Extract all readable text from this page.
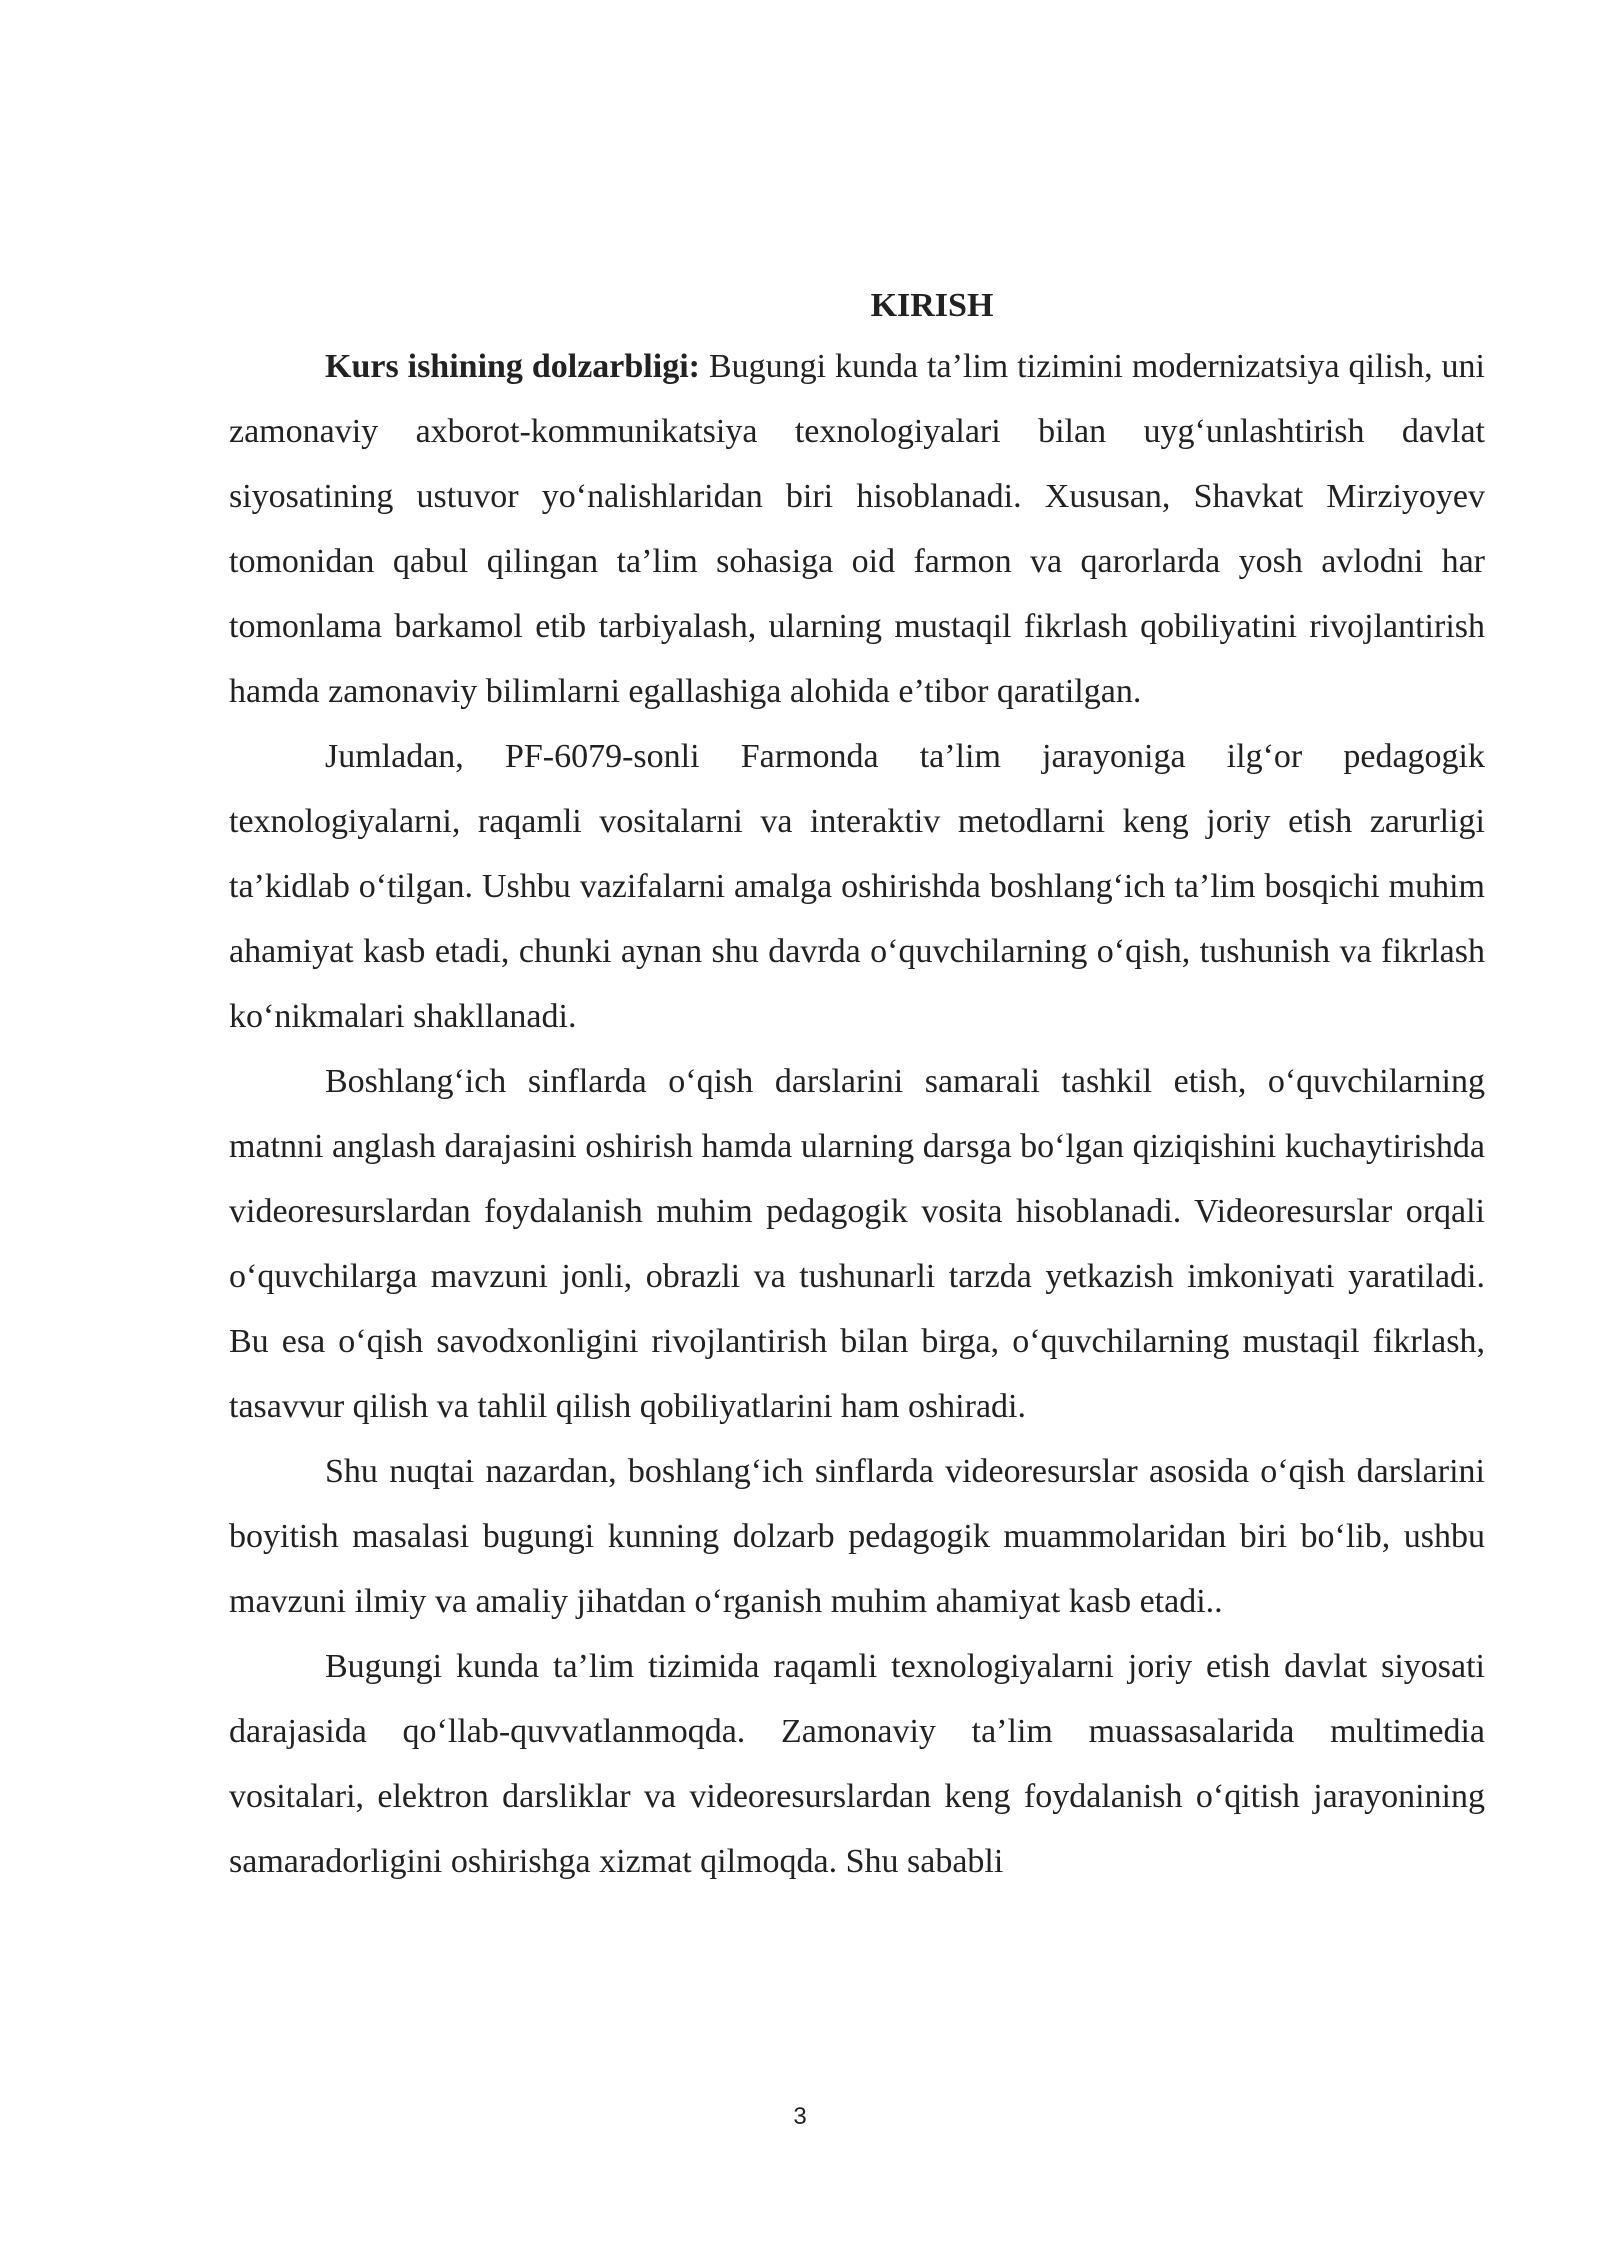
KIRISH

Kurs ishining dolzarbligi: Bugungi kunda ta’lim tizimini modernizatsiya qilish, uni zamonaviy axborot-kommunikatsiya texnologiyalari bilan uyg‘unlashtirish davlat siyosatining ustuvor yo‘nalishlaridan biri hisoblanadi. Xususan, Shavkat Mirziyoyev tomonidan qabul qilingan ta’lim sohasiga oid farmon va qarorlarda yosh avlodni har tomonlama barkamol etib tarbiyalash, ularning mustaqil fikrlash qobiliyatini rivojlantirish hamda zamonaviy bilimlarni egallashiga alohida e’tibor qaratilgan.

Jumladan, PF-6079-sonli Farmonda ta’lim jarayoniga ilg‘or pedagogik texnologiyalarni, raqamli vositalarni va interaktiv metodlarni keng joriy etish zarurligi ta’kidlab o‘tilgan. Ushbu vazifalarni amalga oshirishda boshlang‘ich ta’lim bosqichi muhim ahamiyat kasb etadi, chunki aynan shu davrda o‘quvchilarning o‘qish, tushunish va fikrlash ko‘nikmalari shakllanadi.

Boshlang‘ich sinflarda o‘qish darslarini samarali tashkil etish, o‘quvchilarning matnni anglash darajasini oshirish hamda ularning darsga bo‘lgan qiziqishini kuchaytirishda videoresurslardan foydalanish muhim pedagogik vosita hisoblanadi. Videoresurslar orqali o‘quvchilarga mavzuni jonli, obrazli va tushunarli tarzda yetkazish imkoniyati yaratiladi. Bu esa o‘qish savodxonligini rivojlantirish bilan birga, o‘quvchilarning mustaqil fikrlash, tasavvur qilish va tahlil qilish qobiliyatlarini ham oshiradi.

Shu nuqtai nazardan, boshlang‘ich sinflarda videoresurslar asosida o‘qish darslarini boyitish masalasi bugungi kunning dolzarb pedagogik muammolaridan biri bo‘lib, ushbu mavzuni ilmiy va amaliy jihatdan o‘rganish muhim ahamiyat kasb etadi..

Bugungi kunda ta’lim tizimida raqamli texnologiyalarni joriy etish davlat siyosati darajasida qo‘llab-quvvatlanmoqda. Zamonaviy ta’lim muassasalarida multimedia vositalari, elektron darsliklar va videoresurslardan keng foydalanish o‘qitish jarayonining samaradorligini oshirishga xizmat qilmoqda. Shu sababli

3
